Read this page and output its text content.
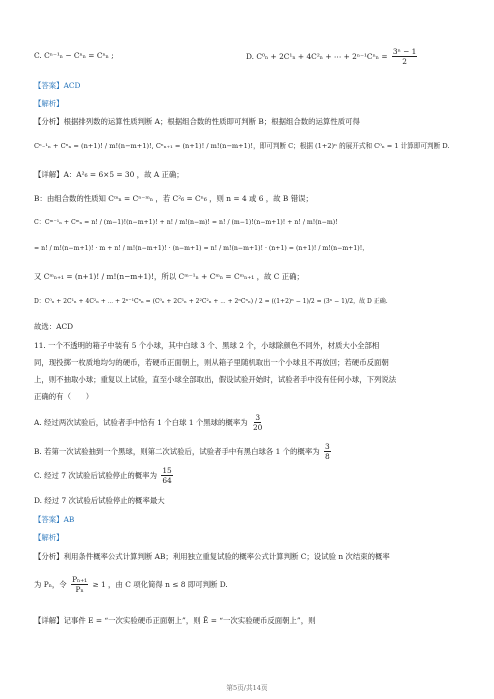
C. Cⁿ⁻¹ₙ − Cⁿₙ = Cⁿₙ ;	D. C⁰ₙ + 2C¹ₙ + 4C²ₙ + ⋯ + $2^{n-1}C^n_n = \frac{\text{3ⁿ − 1}}{2}$
【答案】ACD
【解析】
【分析】根据排列数的运算性质判断 A；根据组合数的性质即可判断 B；根据组合数的运算性质可得
Cⁿ₋¹ₙ + Cⁿₙ = (n+1)! / m!(n−m+1)!, Cⁿₙ₊₁ = (n+1)! / m!(n−m+1)!，即可判断 C；根据 (1+2)ⁿ 的展开式和 C⁰ₙ = 1 计算即可判断 D.
【详解】A：A²₆ = 6×5 = 30 ，故 A 正确；
B：由组合数的性质知 Cᵐₙ = Cⁿ⁻ᵐₙ ，若 C²₆ = Cⁿ₆ ，则 n = 4 或 6 ，故 B 错误；
C：Cᵐ⁻¹ₙ + Cᵐₙ = n! / (m−1)!(n−m+1)! + n! / m!(n−m)! = n! / (m−1)!(n−m+1)! + n! / m!(n−m)!
= n! / m!(n−m+1)! · m + n! / m!(n−m+1)! · (n−m+1) = n! / m!(n−m+1)! · (n+1) = (n+1)! / m!(n−m+1)!，
又 Cᵐₙ₊₁ = (n+1)! / m!(n−m+1)!，所以 Cᵐ⁻¹ₙ + Cᵐₙ = Cᵐₙ₊₁ ，故 C 正确；
D：C⁰ₙ + 2C¹ₙ + 4C²ₙ + ⋯ + 2ⁿ⁻¹Cⁿₙ = (C⁰ₙ + 2C¹ₙ + 2²C²ₙ + ⋯ + 2ⁿCⁿₙ) / 2 = ((1+2)ⁿ − 1)/2 = (3ⁿ − 1)/2，故 D 正确.
故选：ACD
11. 一个不透明的箱子中装有 5 个小球，其中白球 3 个、黑球 2 个，小球除颜色不同外，材质大小全部相
同，现投掷一枚质地均匀的硬币，若硬币正面朝上，则从箱子里随机取出一个小球且不再放回；若硬币反面朝
上，则不抽取小球；重复以上试验，直至小球全部取出，假设试验开始时，试验者手中没有任何小球，下列说法
正确的有（　　）
A. 经过两次试验后，试验者手中恰有 1 个白球 1 个黑球的概率为 $\frac{3}{20}$
B. 若第一次试验抽到一个黑球，则第二次试验后，试验者手中有黑白球各 1 个的概率为 $\frac{3}{8}$
C. 经过 7 次试验后试验停止的概率为 $\frac{15}{64}$
D. 经过 7 次试验后试验停止的概率最大
【答案】AB
【解析】
【分析】利用条件概率公式计算判断 AB；利用独立重复试验的概率公式计算判断 C；设试验 n 次结束的概率
为 Pₙ，令 $\frac{\text{Pₙ₊₁}}{\text{Pₙ}} \ge 1$ ，由 C 项化简得 n ≤ 8 即可判断 D.
【详解】记事件 E = “一次实验硬币正面朝上”，则 Ē = “一次实验硬币反面朝上”，则
第5页/共14页
